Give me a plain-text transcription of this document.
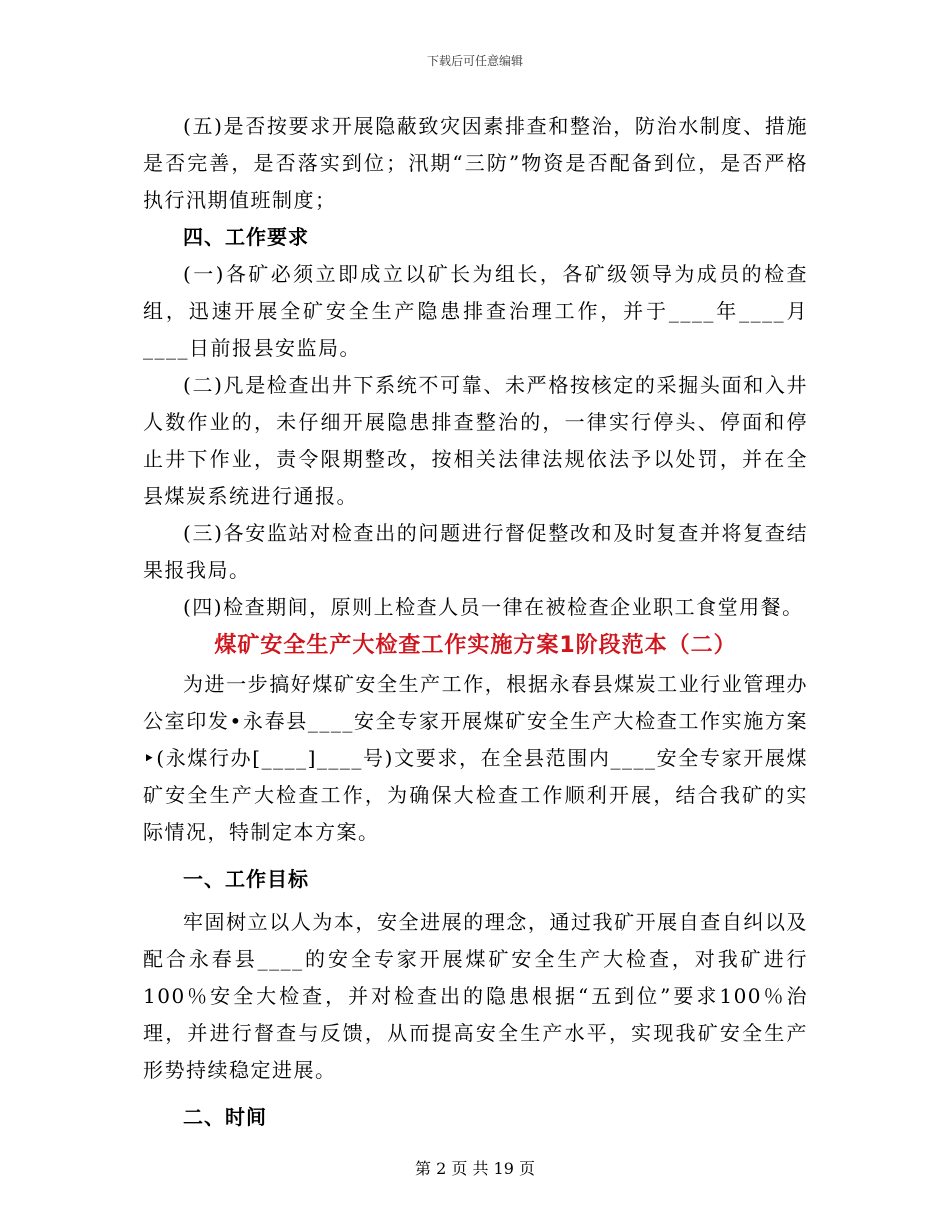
下载后可任意编辑

(五)是否按要求开展隐蔽致灾因素排查和整治，防治水制度、措施是否完善，是否落实到位；汛期“三防”物资是否配备到位，是否严格执行汛期值班制度；

四、工作要求

(一)各矿必须立即成立以矿长为组长，各矿级领导为成员的检查组，迅速开展全矿安全生产隐患排查治理工作，并于____年____月____日前报县安监局。

(二)凡是检查出井下系统不可靠、未严格按核定的采掘头面和入井人数作业的，未仔细开展隐患排查整治的，一律实行停头、停面和停止井下作业，责令限期整改，按相关法律法规依法予以处罚，并在全县煤炭系统进行通报。

(三)各安监站对检查出的问题进行督促整改和及时复查并将复查结果报我局。

(四)检查期间，原则上检查人员一律在被检查企业职工食堂用餐。

煤矿安全生产大检查工作实施方案1阶段范本（二）

为进一步搞好煤矿安全生产工作，根据永春县煤炭工业行业管理办公室印发•永春县____安全专家开展煤矿安全生产大检查工作实施方案‣(永煤行办[____]____号)文要求，在全县范围内____安全专家开展煤矿安全生产大检查工作，为确保大检查工作顺利开展，结合我矿的实际情况，特制定本方案。

一、工作目标

牢固树立以人为本，安全进展的理念，通过我矿开展自查自纠以及配合永春县____的安全专家开展煤矿安全生产大检查，对我矿进行100％安全大检查，并对检查出的隐患根据“五到位”要求100％治理，并进行督查与反馈，从而提高安全生产水平，实现我矿安全生产形势持续稳定进展。

二、时间

第 2 页 共 19 页
